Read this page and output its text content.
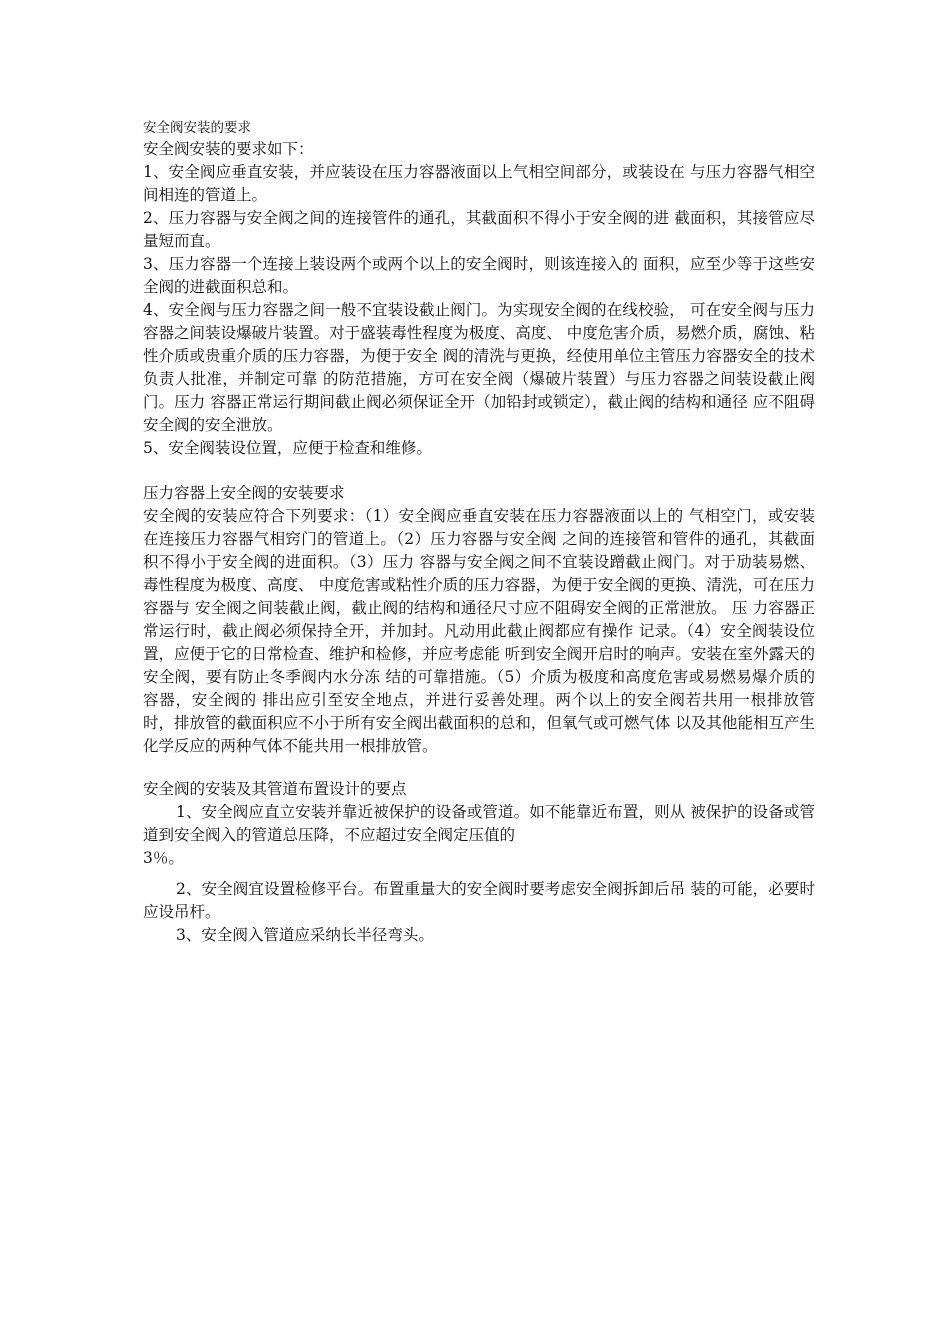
安全阀安装的要求

安全阀安装的要求如下：

1、安全阀应垂直安装，并应装设在压力容器液面以上气相空间部分，或装设在 与压力容器气相空间相连的管道上。

2、压力容器与安全阀之间的连接管件的通孔，其截面积不得小于安全阀的进 截面积，其接管应尽量短而直。

3、压力容器一个连接上装设两个或两个以上的安全阀时，则该连接入的 面积，应至少等于这些安全阀的进截面积总和。

4、安全阀与压力容器之间一般不宜装设截止阀门。为实现安全阀的在线校验， 可在安全阀与压力容器之间装设爆破片装置。对于盛装毒性程度为极度、高度、 中度危害介质，易燃介质，腐蚀、粘性介质或贵重介质的压力容器，为便于安全 阀的清洗与更换，经使用单位主管压力容器安全的技术负责人批准，并制定可靠 的防范措施，方可在安全阀（爆破片装置）与压力容器之间装设截止阀门。压力 容器正常运行期间截止阀必须保证全开（加铅封或锁定），截止阀的结构和通径 应不阻碍安全阀的安全泄放。

5、安全阀装设位置，应便于检查和维修。

压力容器上安全阀的安装要求

安全阀的安装应符合下列要求：（1）安全阀应垂直安装在压力容器液面以上的 气相空门，或安装在连接压力容器气相窍门的管道上。（2）压力容器与安全阀 之间的连接管和管件的通孔，其截面积不得小于安全阀的进面积。（3）压力 容器与安全阀之间不宜装设蹭截止阀门。对于劢装易燃、毒性程度为极度、高度、 中度危害或粘性介质的压力容器，为便于安全阀的更换、清洗，可在压力容器与 安全阀之间装截止阀，截止阀的结构和通径尺寸应不阻碍安全阀的正常泄放。 压 力容器正常运行时，截止阀必须保持全开，并加封。凡动用此截止阀都应有操作 记录。（4）安全阀装设位置，应便于它的日常检查、维护和检修，并应考虑能 听到安全阀开启时的响声。安装在室外露天的安全阀，要有防止冬季阀内水分冻 结的可靠措施。（5）介质为极度和高度危害或易燃易爆介质的容器，安全阀的 排出应引至安全地点，并进行妥善处理。两个以上的安全阀若共用一根排放管 时，排放管的截面积应不小于所有安全阀出截面积的总和，但氧气或可燃气体 以及其他能相互产生化学反应的两种气体不能共用一根排放管。

安全阀的安装及其管道布置设计的要点

1、安全阀应直立安装并靠近被保护的设备或管道。如不能靠近布置，则从 被保护的设备或管道到安全阀入的管道总压降，不应超过安全阀定压值的

3％。

2、安全阀宜设置检修平台。布置重量大的安全阀时要考虑安全阀拆卸后吊 装的可能，必要时应设吊杆。

3、安全阀入管道应采纳长半径弯头。
